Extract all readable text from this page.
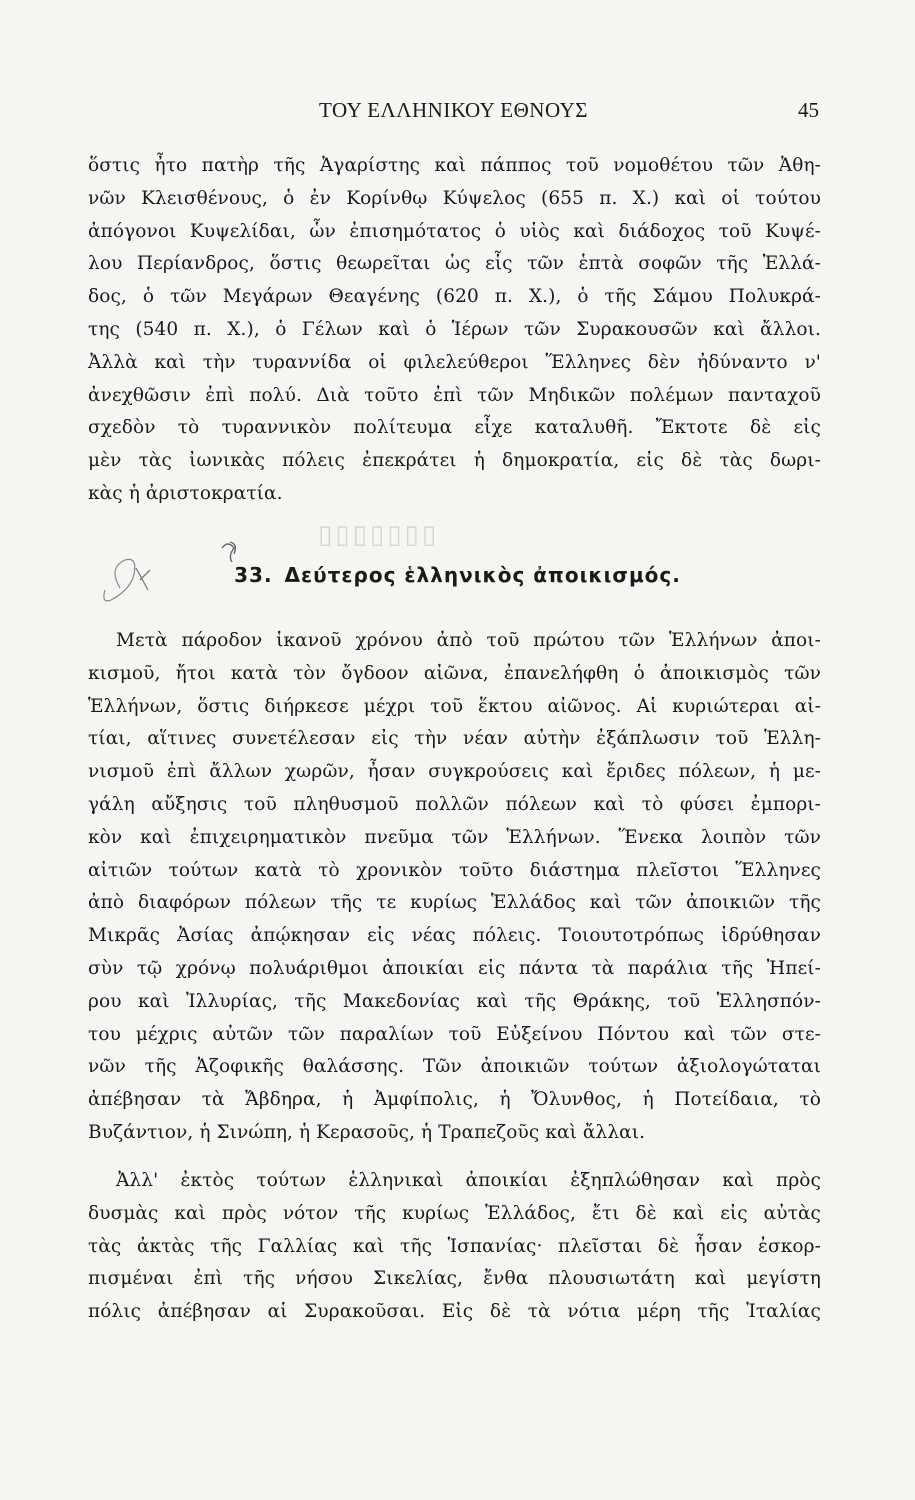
ΤΟΥ ΕΛΛΗΝΙΚΟΥ ΕΘΝΟΥΣ	45
▯▯▯▯▯▯▯
ὅστις ἦτο πατὴρ τῆς Ἀγαρίστης καὶ πάππος τοῦ νομοθέτου τῶν Ἀθη-
νῶν Κλεισθένους, ὁ ἐν Κορίνθῳ Κύψελος (655 π. Χ.) καὶ οἱ τούτου
ἀπόγονοι Κυψελίδαι, ὧν ἐπισημότατος ὁ υἱὸς καὶ διάδοχος τοῦ Κυψέ-
λου Περίανδρος, ὅστις θεωρεῖται ὡς εἷς τῶν ἑπτὰ σοφῶν τῆς Ἑλλά-
δος, ὁ τῶν Μεγάρων Θεαγένης (620 π. Χ.), ὁ τῆς Σάμου Πολυκρά-
της (540 π. Χ.), ὁ Γέλων καὶ ὁ Ἱέρων τῶν Συρακουσῶν καὶ ἄλλοι.
Ἀλλὰ καὶ τὴν τυραννίδα οἱ φιλελεύθεροι Ἕλληνες δὲν ἠδύναντο ν'
ἀνεχθῶσιν ἐπὶ πολύ. Διὰ τοῦτο ἐπὶ τῶν Μηδικῶν πολέμων πανταχοῦ
σχεδὸν τὸ τυραννικὸν πολίτευμα εἶχε καταλυθῆ. Ἔκτοτε δὲ εἰς
μὲν τὰς ἰωνικὰς πόλεις ἐπεκράτει ἡ δημοκρατία, εἰς δὲ τὰς δωρι-
κὰς ἡ ἀριστοκρατία.
33. Δεύτερος ἑλληνικὸς ἀποικισμός.
Μετὰ πάροδον ἱκανοῦ χρόνου ἀπὸ τοῦ πρώτου τῶν Ἑλλήνων ἀποι-
κισμοῦ, ἤτοι κατὰ τὸν ὄγδοον αἰῶνα, ἐπανελήφθη ὁ ἀποικισμὸς τῶν
Ἑλλήνων, ὅστις διήρκεσε μέχρι τοῦ ἕκτου αἰῶνος. Αἱ κυριώτεραι αἰ-
τίαι, αἵτινες συνετέλεσαν εἰς τὴν νέαν αὐτὴν ἐξάπλωσιν τοῦ Ἑλλη-
νισμοῦ ἐπὶ ἄλλων χωρῶν, ἦσαν συγκρούσεις καὶ ἔριδες πόλεων, ἡ με-
γάλη αὔξησις τοῦ πληθυσμοῦ πολλῶν πόλεων καὶ τὸ φύσει ἐμπορι-
κὸν καὶ ἐπιχειρηματικὸν πνεῦμα τῶν Ἑλλήνων. Ἕνεκα λοιπὸν τῶν
αἰτιῶν τούτων κατὰ τὸ χρονικὸν τοῦτο διάστημα πλεῖστοι Ἕλληνες
ἀπὸ διαφόρων πόλεων τῆς τε κυρίως Ἑλλάδος καὶ τῶν ἀποικιῶν τῆς
Μικρᾶς Ἀσίας ἀπῴκησαν εἰς νέας πόλεις. Τοιουτοτρόπως ἱδρύθησαν
σὺν τῷ χρόνῳ πολυάριθμοι ἀποικίαι εἰς πάντα τὰ παράλια τῆς Ἠπεί-
ρου καὶ Ἰλλυρίας, τῆς Μακεδονίας καὶ τῆς Θράκης, τοῦ Ἑλλησπόν-
του μέχρις αὐτῶν τῶν παραλίων τοῦ Εὐξείνου Πόντου καὶ τῶν στε-
νῶν τῆς Ἀζοφικῆς θαλάσσης. Τῶν ἀποικιῶν τούτων ἀξιολογώταται
ἀπέβησαν τὰ Ἄβδηρα, ἡ Ἀμφίπολις, ἡ Ὄλυνθος, ἡ Ποτείδαια, τὸ
Βυζάντιον, ἡ Σινώπη, ἡ Κερασοῦς, ἡ Τραπεζοῦς καὶ ἄλλαι.
Ἀλλ' ἐκτὸς τούτων ἑλληνικαὶ ἀποικίαι ἐξηπλώθησαν καὶ πρὸς
δυσμὰς καὶ πρὸς νότον τῆς κυρίως Ἑλλάδος, ἔτι δὲ καὶ εἰς αὐτὰς
τὰς ἀκτὰς τῆς Γαλλίας καὶ τῆς Ἱσπανίας· πλεῖσται δὲ ἦσαν ἐσκορ-
πισμέναι ἐπὶ τῆς νήσου Σικελίας, ἔνθα πλουσιωτάτη καὶ μεγίστη
πόλις ἀπέβησαν αἱ Συρακοῦσαι. Εἰς δὲ τὰ νότια μέρη τῆς Ἰταλίας
